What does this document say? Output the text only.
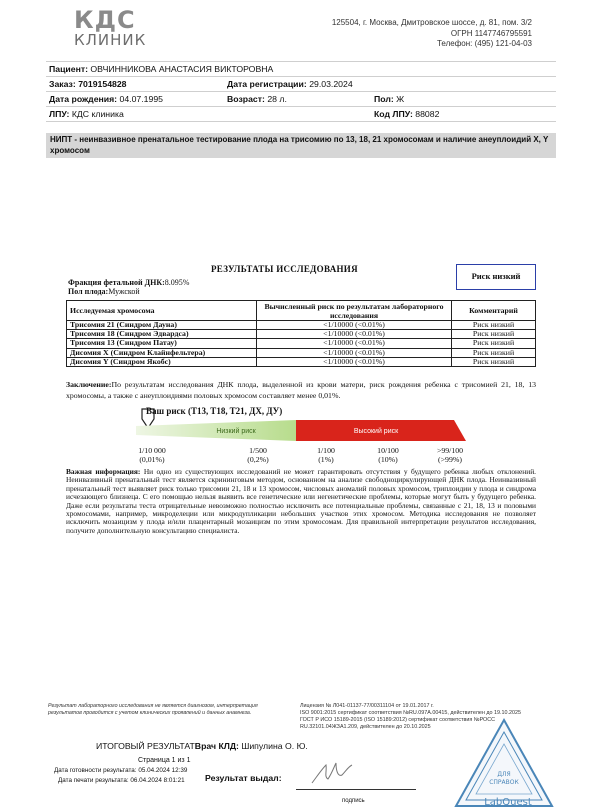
КДС
КЛИНИК
125504, г. Москва, Дмитровское шоссе, д. 81, пом. 3/2
ОГРН 1147746795591
Телефон: (495) 121-04-03
Пациент: ОВЧИННИКОВА АНАСТАСИЯ ВИКТОРОВНА		
Заказ: 7019154828	Дата регистрации: 29.03.2024	
Дата рождения: 04.07.1995	Возраст: 28 л.	Пол: Ж
ЛПУ: КДС клиника		Код ЛПУ: 88082
НИПТ - неинвазивное пренатальное тестирование плода на трисомию по 13, 18, 21 хромосомам и наличие анеуплоидий X, Y хромосом
РЕЗУЛЬТАТЫ ИССЛЕДОВАНИЯ
Риск низкий
Фракция фетальной ДНК:8.095%
Пол плода:Мужской
Исследуемая хромосома	Вычисленный риск по результатам лабораторного исследования	Комментарий
Трисомия 21 (Синдром Дауна)	<1/10000 (<0.01%)	Риск низкий
Трисомия 18 (Синдром Эдвардса)	<1/10000 (<0.01%)	Риск низкий
Трисомия 13 (Синдром Патау)	<1/10000 (<0.01%)	Риск низкий
Дисомия X (Синдром Клайнфельтера)	<1/10000 (<0.01%)	Риск низкий
Дисомия Y (Синдром Якобс)	<1/10000 (<0.01%)	Риск низкий
Заключение:По результатам исследования ДНК плода, выделенной из крови матери, риск рождения ребенка с трисомией 21, 18, 13 хромосомы, а также с анеуплоидиями половых хромосом составляет менее 0,01%.
Ваш риск (T13, T18, T21, ДХ, ДУ)
Низкий риск	Высокий риск
1/10 000
(0,01%)
1/500
(0,2%)
1/100
(1%)
10/100
(10%)
>99/100
(>99%)
Важная информация: Ни одно из существующих исследований не может гарантировать отсутствия у будущего ребенка любых отклонений. Неинвазивный пренатальный тест является скрининговым методом, основанном на анализе свободноциркулирующей ДНК плода. Неинвазивный пренатальный тест выявляет риск только трисомии 21, 18 и 13 хромосом, числовых аномалий половых хромосом, триплоидии у плода и синдрома исчезающего близнеца. С его помощью нельзя выявить все генетические или негенетические проблемы, которые могут быть у будущего ребенка. Даже если результаты теста отрицательные невозможно полностью исключить все потенциальные проблемы, связанные с 21, 18, 13 и половыми хромосомами, например, микроделеции или микродупликации небольших участков этих хромосом. Методика исследования не позволяет исключить мозаицизм у плода и/или плацентарный мозаицизм по этим хромосомам. Для правильной интерпретации результатов исследования, получите дополнительную консультацию специалиста.
Результат лабораторного исследования не является диагнозом, интерпретация результатов проводится с учетом клинических проявлений и данных анамнеза.
Лицензия № Л041-01137-77/00311104 от 19.01.2017 г.
ISO 9001:2015 сертификат соответствия №RU.097А.00415, действителен до 19.10.2025
ГОСТ Р ИСО 15189-2015 (ISO 15189:2012) сертификат соответствия №РОСС
RU.32101.04ЖЗА1.209, действителен до 20.10.2025
ИТОГОВЫЙ РЕЗУЛЬТАТВрач КЛД: Шипулина О. Ю.
Страница 1 из 1
Дата готовности результата: 05.04.2024 12:39
Дата печати результата: 06.04.2024 8:01:21 Результат выдал:
подпись
ДЛЯ
СПРАВОК
LabQuest
